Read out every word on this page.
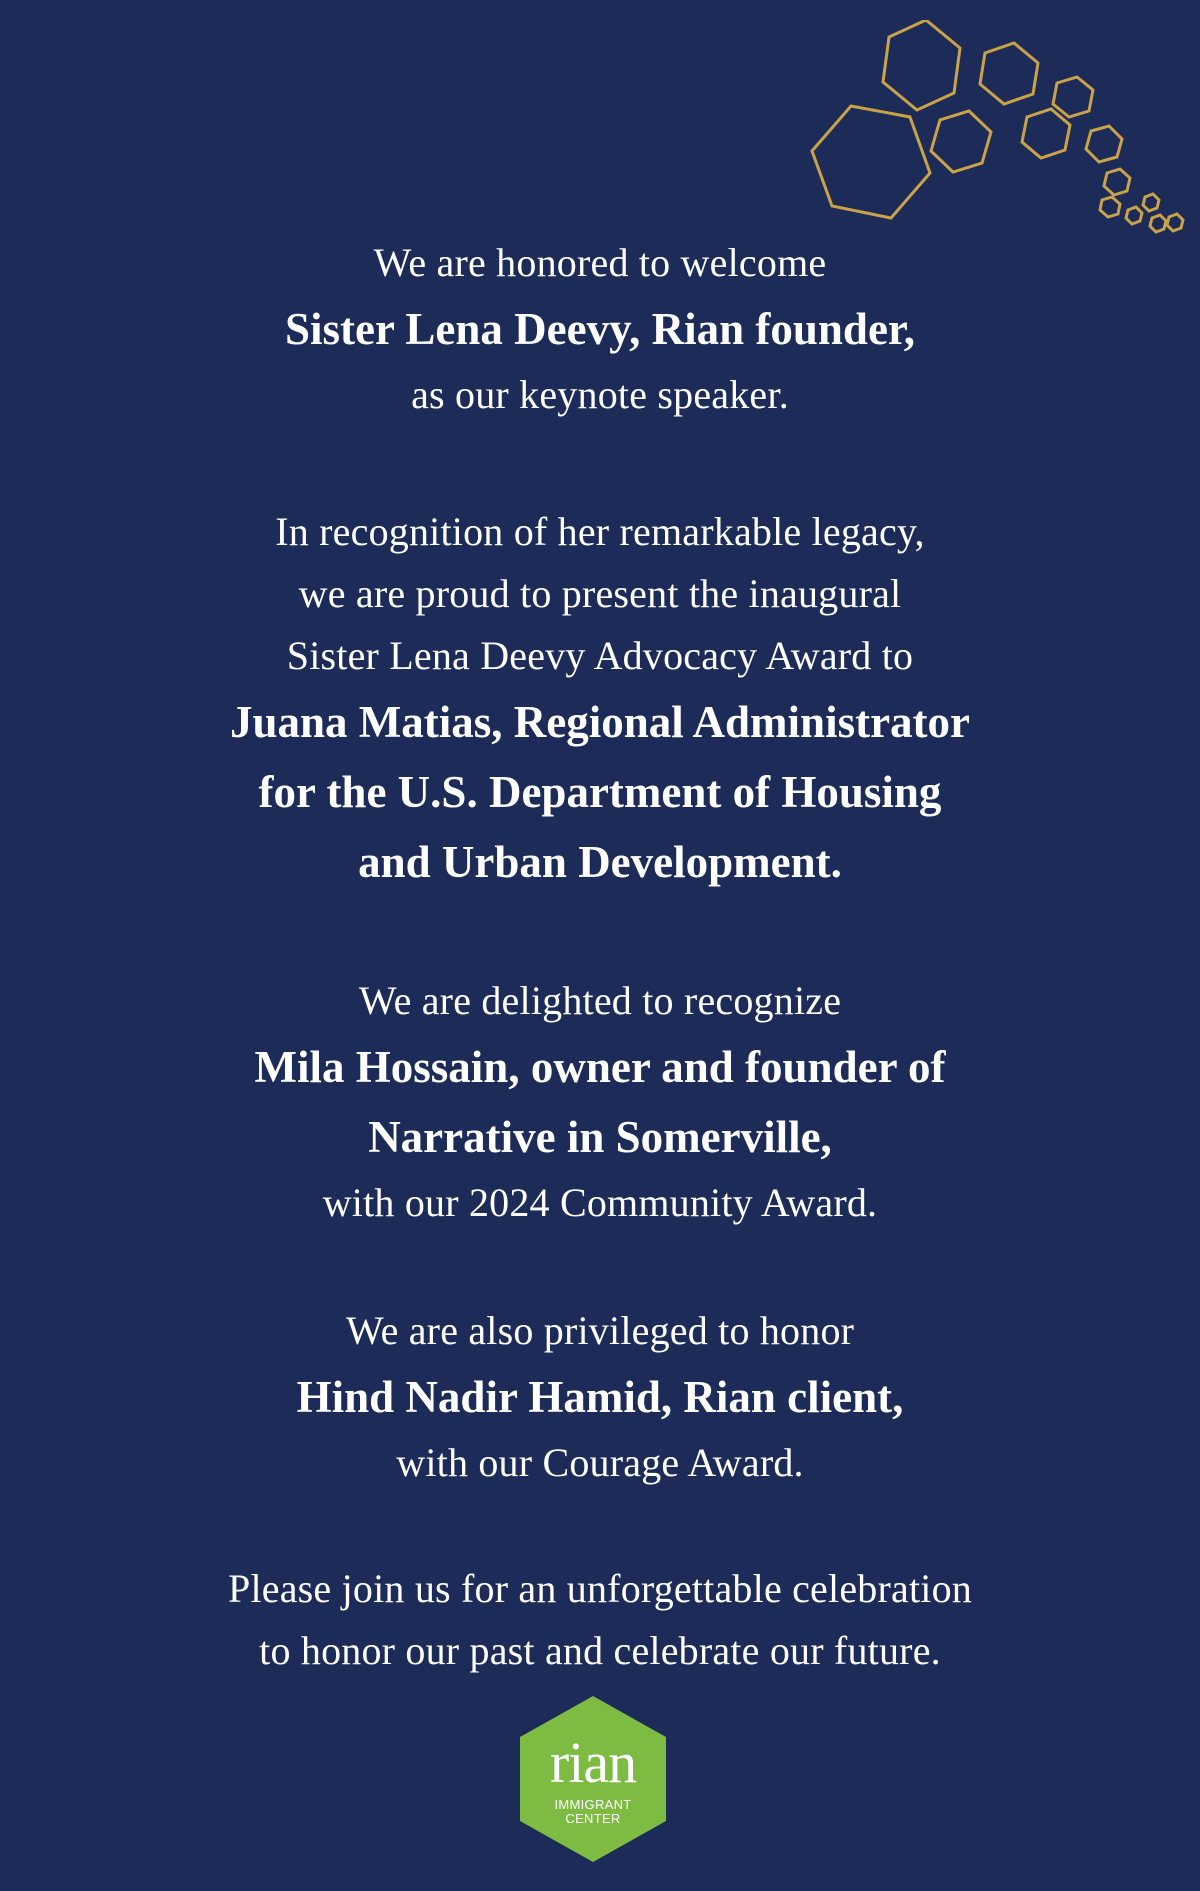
We are honored to welcome
Sister Lena Deevy, Rian founder,
as our keynote speaker.
In recognition of her remarkable legacy,
we are proud to present the inaugural
Sister Lena Deevy Advocacy Award to
Juana Matias, Regional Administrator
for the U.S. Department of Housing
and Urban Development.
We are delighted to recognize
Mila Hossain, owner and founder of
Narrative in Somerville,
with our 2024 Community Award.
We are also privileged to honor
Hind Nadir Hamid, Rian client,
with our Courage Award.
Please join us for an unforgettable celebration
to honor our past and celebrate our future.
rian
IMMIGRANT
CENTER
